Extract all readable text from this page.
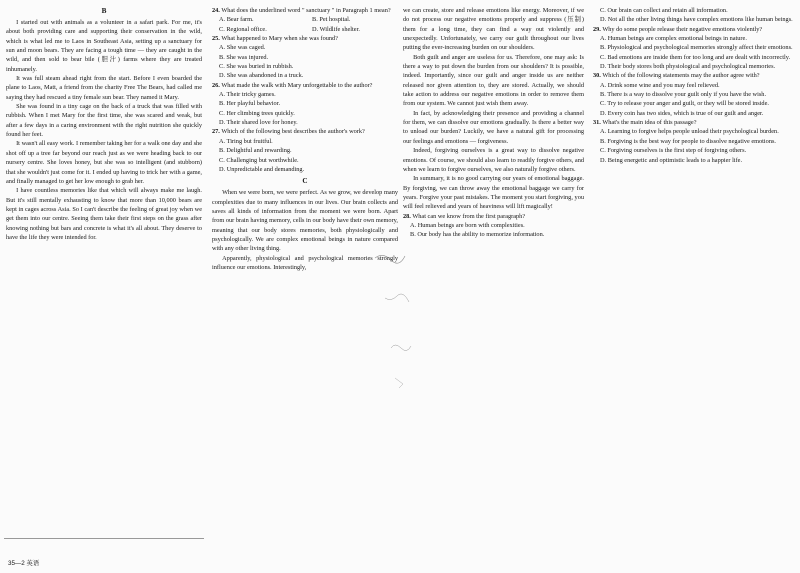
B

I started out with animals as a volunteer in a safari park. For me, it's about both providing care and supporting their conservation in the wild, which is what led me to Laos in Southeast Asia, setting up a sanctuary for sun and moon bears. They are facing a tough time — they are caught in the wild, and then sold to bear bile (胆汁) farms where they are treated inhumanely.

It was full steam ahead right from the start. Before I even boarded the plane to Laos, Matt, a friend from the charity Free The Bears, had called me saying they had rescued a tiny female sun bear. They named it Mary.

She was found in a tiny cage on the back of a truck that was filled with rubbish. When I met Mary for the first time, she was scared and weak, but after a few days in a caring environment with the right nutrition she quickly found her feet.

It wasn't all easy work. I remember taking her for a walk one day and she shot off up a tree far beyond our reach just as we were heading back to our nursery centre. She loves honey, but she was so intelligent (and stubborn) that she wouldn't just come for it. I ended up having to trick her with a game, and finally managed to get her low enough to grab her.

I have countless memories like that which will always make me laugh. But it's still mentally exhausting to know that more than 10,000 bears are kept in cages across Asia. So I can't describe the feeling of great joy when we get them into our centre. Seeing them take their first steps on the grass after knowing nothing but bars and concrete is what it's all about. They deserve to have the life they were intended for.

24. What does the underlined word " sanctuary " in Paragraph 1 mean?
A. Bear farm.	B. Pet hospital.
C. Regional office.	D. Wildlife shelter.
25. What happened to Mary when she was found?
A. She was caged.
B. She was injured.
C. She was buried in rubbish.
D. She was abandoned in a truck.
26. What made the walk with Mary unforgettable to the author?
A. Their tricky games.
B. Her playful behavior.
C. Her climbing trees quickly.
D. Their shared love for honey.
27. Which of the following best describes the author's work?
A. Tiring but fruitful.
B. Delightful and rewarding.
C. Challenging but worthwhile.
D. Unpredictable and demanding.
C

When we were born, we were perfect. As we grow, we develop many complexities due to many influences in our lives. Our brain collects and saves all kinds of information from the moment we were born. Apart from our brain having memory, cells in our body have their own memory, meaning that our body stores memories, both physiologically and psychologically. We are complex emotional beings in nature compared with any other living thing.

Apparently, physiological and psychological memories strongly influence our emotions. Interestingly,

we can create, store and release emotions like energy. Moreover, if we do not process our negative emotions properly and suppress (压制) them for a long time, they can find a way out violently and unexpectedly. Unfortunately, we carry our guilt throughout our lives putting the ever-increasing burden on our shoulders.

Both guilt and anger are useless for us. Therefore, one may ask: Is there a way to put down the burden from our shoulders? It is possible, indeed. Importantly, since our guilt and anger inside us are neither released nor given attention to, they are stored. Actually, we should take action to address our negative emotions in order to remove them from our system. We cannot just wish them away.

In fact, by acknowledging their presence and providing a channel for them, we can dissolve our emotions gradually. Is there a better way to unload our burden? Luckily, we have a natural gift for processing our feelings and emotions — forgiveness.

Indeed, forgiving ourselves is a great way to dissolve negative emotions. Of course, we should also learn to readily forgive others, and when we learn to forgive ourselves, we also naturally forgive others.

In summary, it is no good carrying our years of emotional baggage. By forgiving, we can throw away the emotional baggage we carry for years. Forgive your past mistakes. The moment you start forgiving, you will feel relieved and years of heaviness will lift magically!

28. What can we know from the first paragraph?
A. Human beings are born with complexities.
B. Our body has the ability to memorize information.
C. Our brain can collect and retain all information.
D. Not all the other living things have complex emotions like human beings.
29. Why do some people release their negative emotions violently?
A. Human beings are complex emotional beings in nature.
B. Physiological and psychological memories strongly affect their emotions.
C. Bad emotions are inside them for too long and are dealt with incorrectly.
D. Their body stores both physiological and psychological memories.
30. Which of the following statements may the author agree with?
A. Drink some wine and you may feel relieved.
B. There is a way to dissolve your guilt only if you have the wish.
C. Try to release your anger and guilt, or they will be stored inside.
D. Every coin has two sides, which is true of our guilt and anger.
31. What's the main idea of this passage?
A. Learning to forgive helps people unload their psychological burden.
B. Forgiving is the best way for people to dissolve negative emotions.
C. Forgiving ourselves is the first step of forgiving others.
D. Being energetic and optimistic leads to a happier life.
35—2 英语
